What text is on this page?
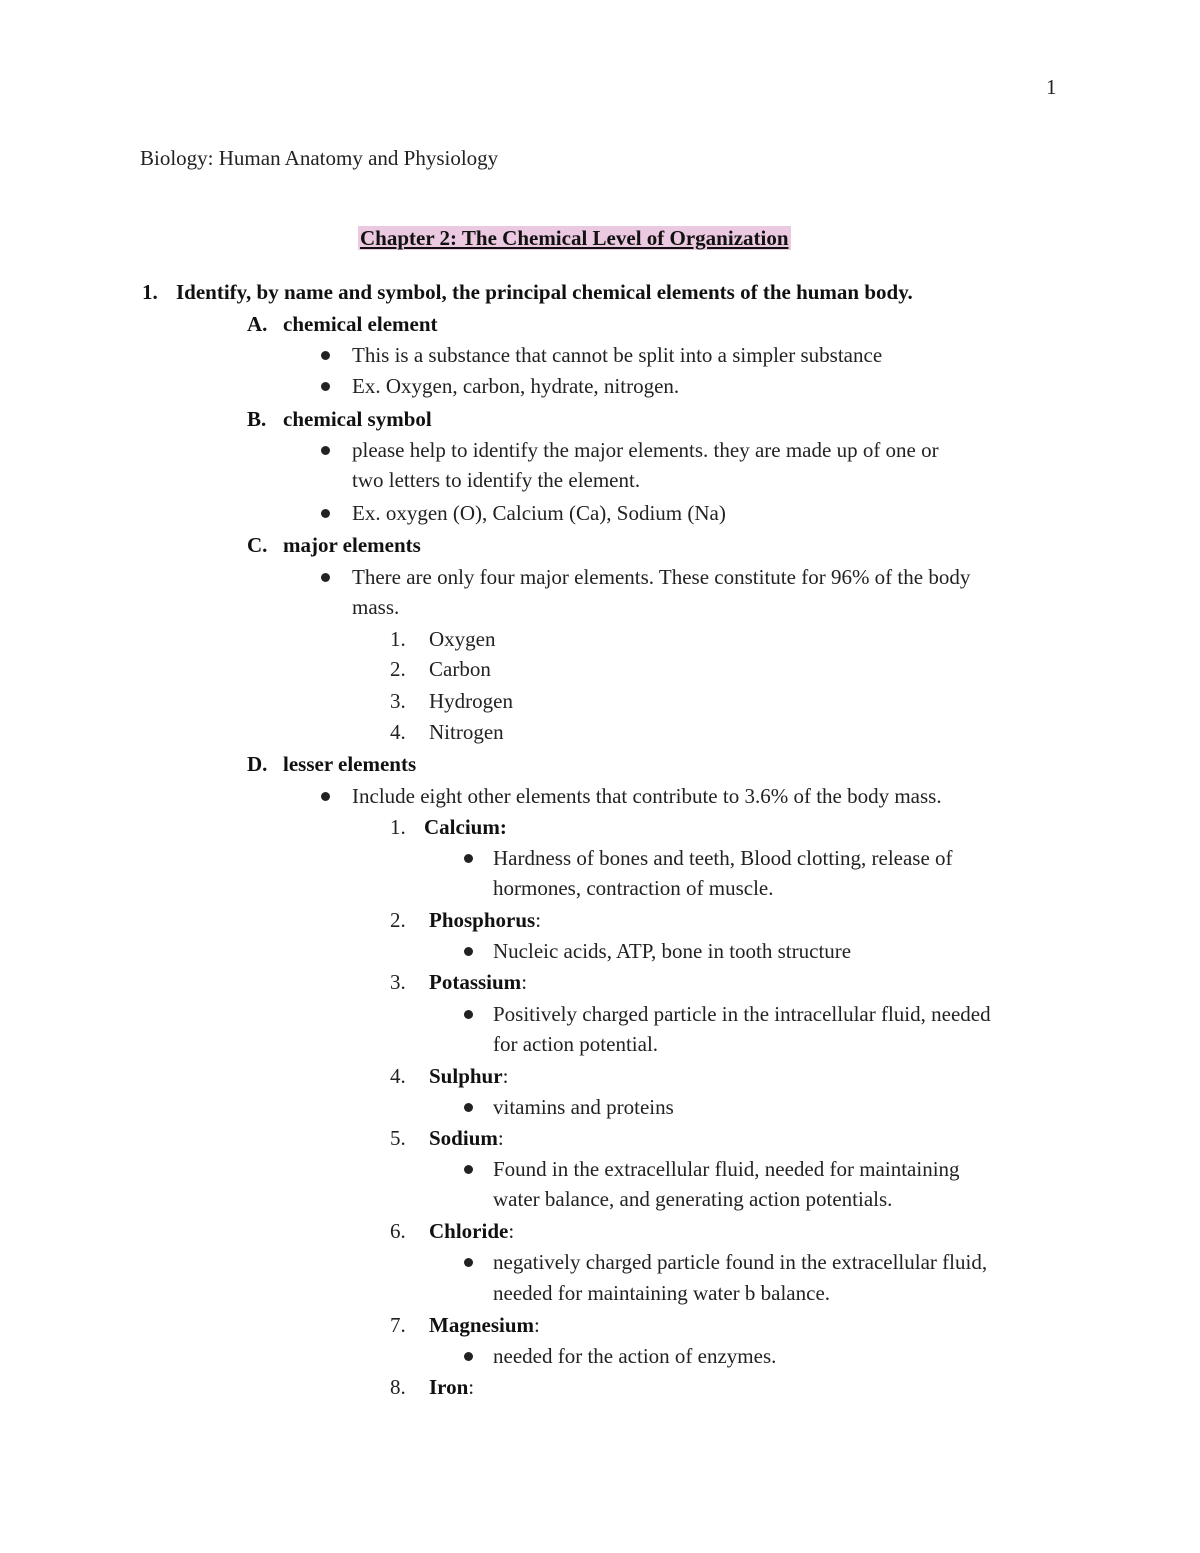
1
Biology: Human Anatomy and Physiology
Chapter 2: The Chemical Level of Organization
1. Identify, by name and symbol, the principal chemical elements of the human body.
A. chemical element
This is a substance that cannot be split into a simpler substance
Ex. Oxygen, carbon, hydrate, nitrogen.
B. chemical symbol
please help to identify the major elements. they are made up of one or
two letters to identify the element.
Ex. oxygen (O), Calcium (Ca), Sodium (Na)
C. major elements
There are only four major elements. These constitute for 96% of the body
mass.
1. Oxygen
2. Carbon
3. Hydrogen
4. Nitrogen
D. lesser elements
Include eight other elements that contribute to 3.6% of the body mass.
1. Calcium:
Hardness of bones and teeth, Blood clotting, release of
hormones, contraction of muscle.
2. Phosphorus:
Nucleic acids, ATP, bone in tooth structure
3. Potassium:
Positively charged particle in the intracellular fluid, needed
for action potential.
4. Sulphur:
vitamins and proteins
5. Sodium:
Found in the extracellular fluid, needed for maintaining
water balance, and generating action potentials.
6. Chloride:
negatively charged particle found in the extracellular fluid,
needed for maintaining water b balance.
7. Magnesium:
needed for the action of enzymes.
8. Iron:
